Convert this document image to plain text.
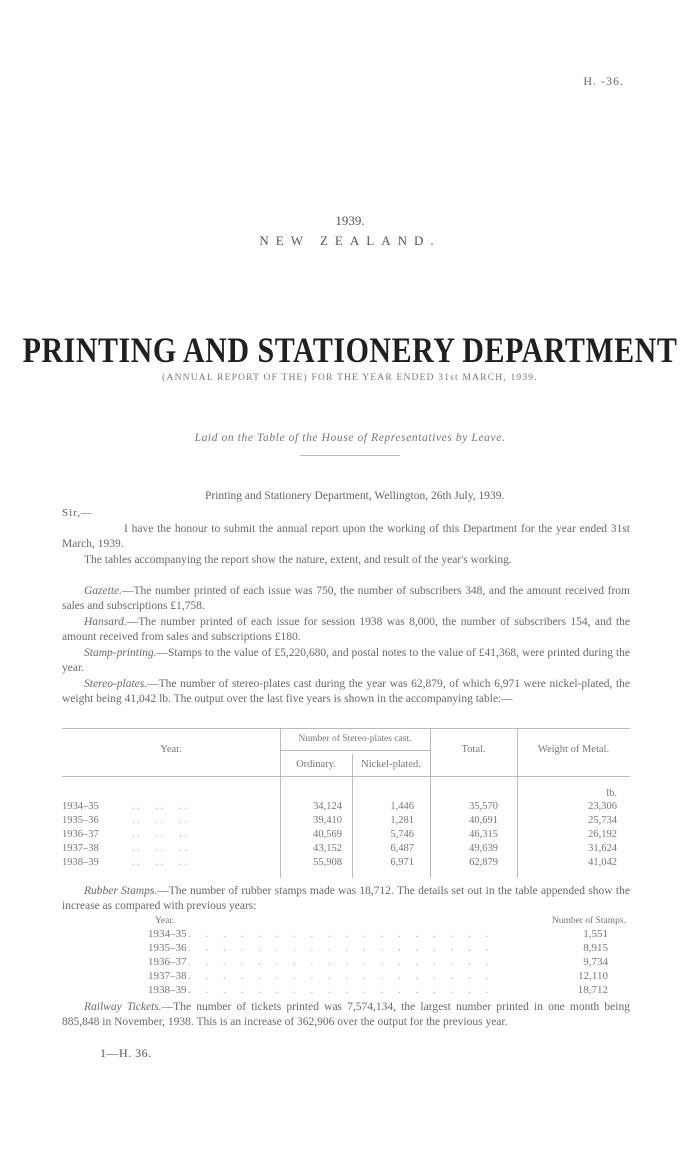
H. -36.
1939.
NEW ZEALAND.
PRINTING AND STATIONERY DEPARTMENT
(ANNUAL REPORT OF THE) FOR THE YEAR ENDED 31st MARCH, 1939.
Laid on the Table of the House of Representatives by Leave.
Printing and Stationery Department, Wellington, 26th July, 1939.
Sir,—

I have the honour to submit the annual report upon the working of this Department for the year ended 31st March, 1939.

The tables accompanying the report show the nature, extent, and result of the year's working.

Gazette.—The number printed of each issue was 750, the number of subscribers 348, and the amount received from sales and subscriptions £1,758.

Hansard.—The number printed of each issue for session 1938 was 8,000, the number of subscribers 154, and the amount received from sales and subscriptions £180.

Stamp-printing.—Stamps to the value of £5,220,680, and postal notes to the value of £41,368, were printed during the year.

Stereo-plates.—The number of stereo-plates cast during the year was 62,879, of which 6,971 were nickel-plated, the weight being 41,042 lb. The output over the last five years is shown in the accompanying table:—

Year.
Number of Stereo-plates cast.
Ordinary.	Nickel-plated.
Total.	Weight of Metal.
lb.
1934–35	. .      . .      . .	34,124	1,446	35,570	23,306
1935–36	. .      . .      . .	39,410	1,281	40,691	25,734
1936–37	. .      . .      . .	40,569	5,746	46,315	26,192
1937–38	. .      . .      . .	43,152	6,487	49,639	31,624
1938–39	. .      . .      . .	55,908	6,971	62,879	41,042

Rubber Stamps.—The number of rubber stamps made was 18,712. The details set out in the table appended show the increase as compared with previous years:

Year.	Number of Stamps.
1934–35 . . . . . . . . . . . . . . . . . .	1,551
1935–36 . . . . . . . . . . . . . . . . . .	8,915
1936–37 . . . . . . . . . . . . . . . . . .	9,734
1937–38 . . . . . . . . . . . . . . . . . .	12,110
1938–39 . . . . . . . . . . . . . . . . . .	18,712

Railway Tickets.—The number of tickets printed was 7,574,134, the largest number printed in one month being 885,848 in November, 1938. This is an increase of 362,906 over the output for the previous year.

1—H. 36.
